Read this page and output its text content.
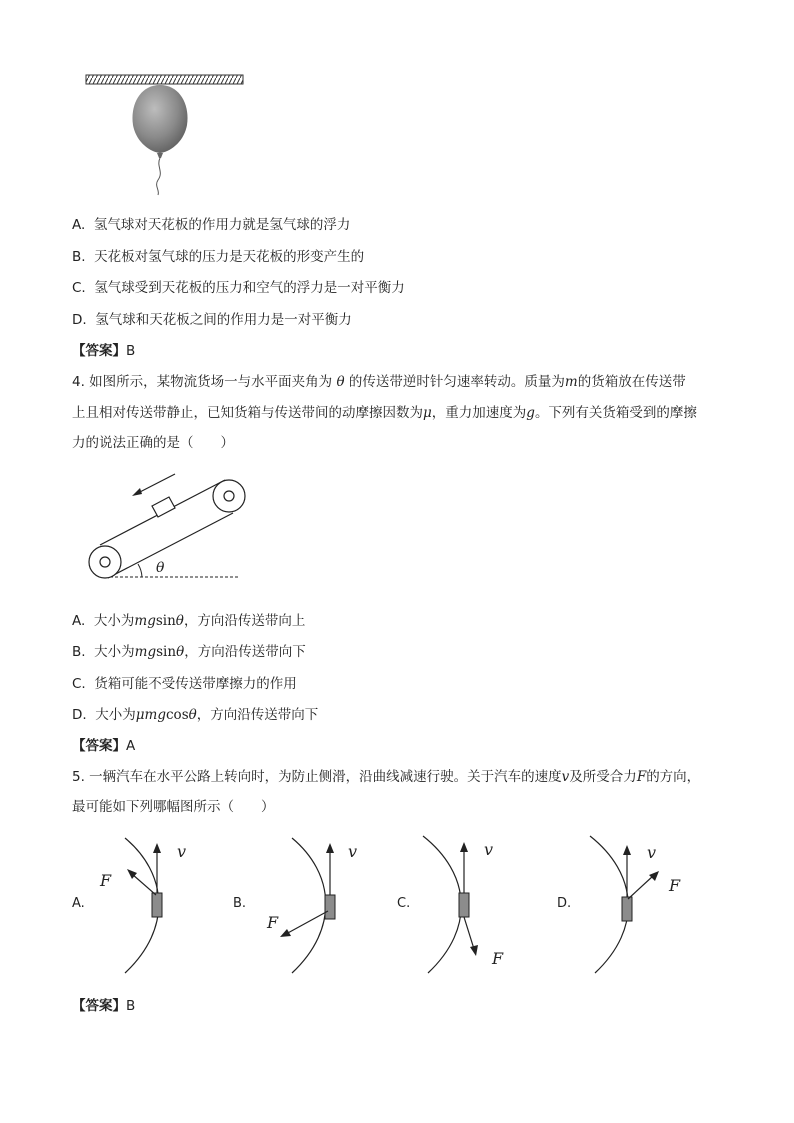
A. 氢气球对天花板的作用力就是氢气球的浮力
B. 天花板对氢气球的压力是天花板的形变产生的
C. 氢气球受到天花板的压力和空气的浮力是一对平衡力
D. 氢气球和天花板之间的作用力是一对平衡力
【答案】B
4. 如图所示，某物流货场一与水平面夹角为 θ 的传送带逆时针匀速率转动。质量为m的货箱放在传送带
上且相对传送带静止，已知货箱与传送带间的动摩擦因数为μ，重力加速度为g。下列有关货箱受到的摩擦
力的说法正确的是（　　）
θ
A. 大小为mgsinθ，方向沿传送带向上
B. 大小为mgsinθ，方向沿传送带向下
C. 货箱可能不受传送带摩擦力的作用
D. 大小为μmgcosθ，方向沿传送带向下
【答案】A
5. 一辆汽车在水平公路上转向时，为防止侧滑，沿曲线减速行驶。关于汽车的速度v及所受合力F的方向，
最可能如下列哪幅图所示（　　）
A.
v
F
B.
v
F
C.
v
F
D.
v
F
【答案】B
